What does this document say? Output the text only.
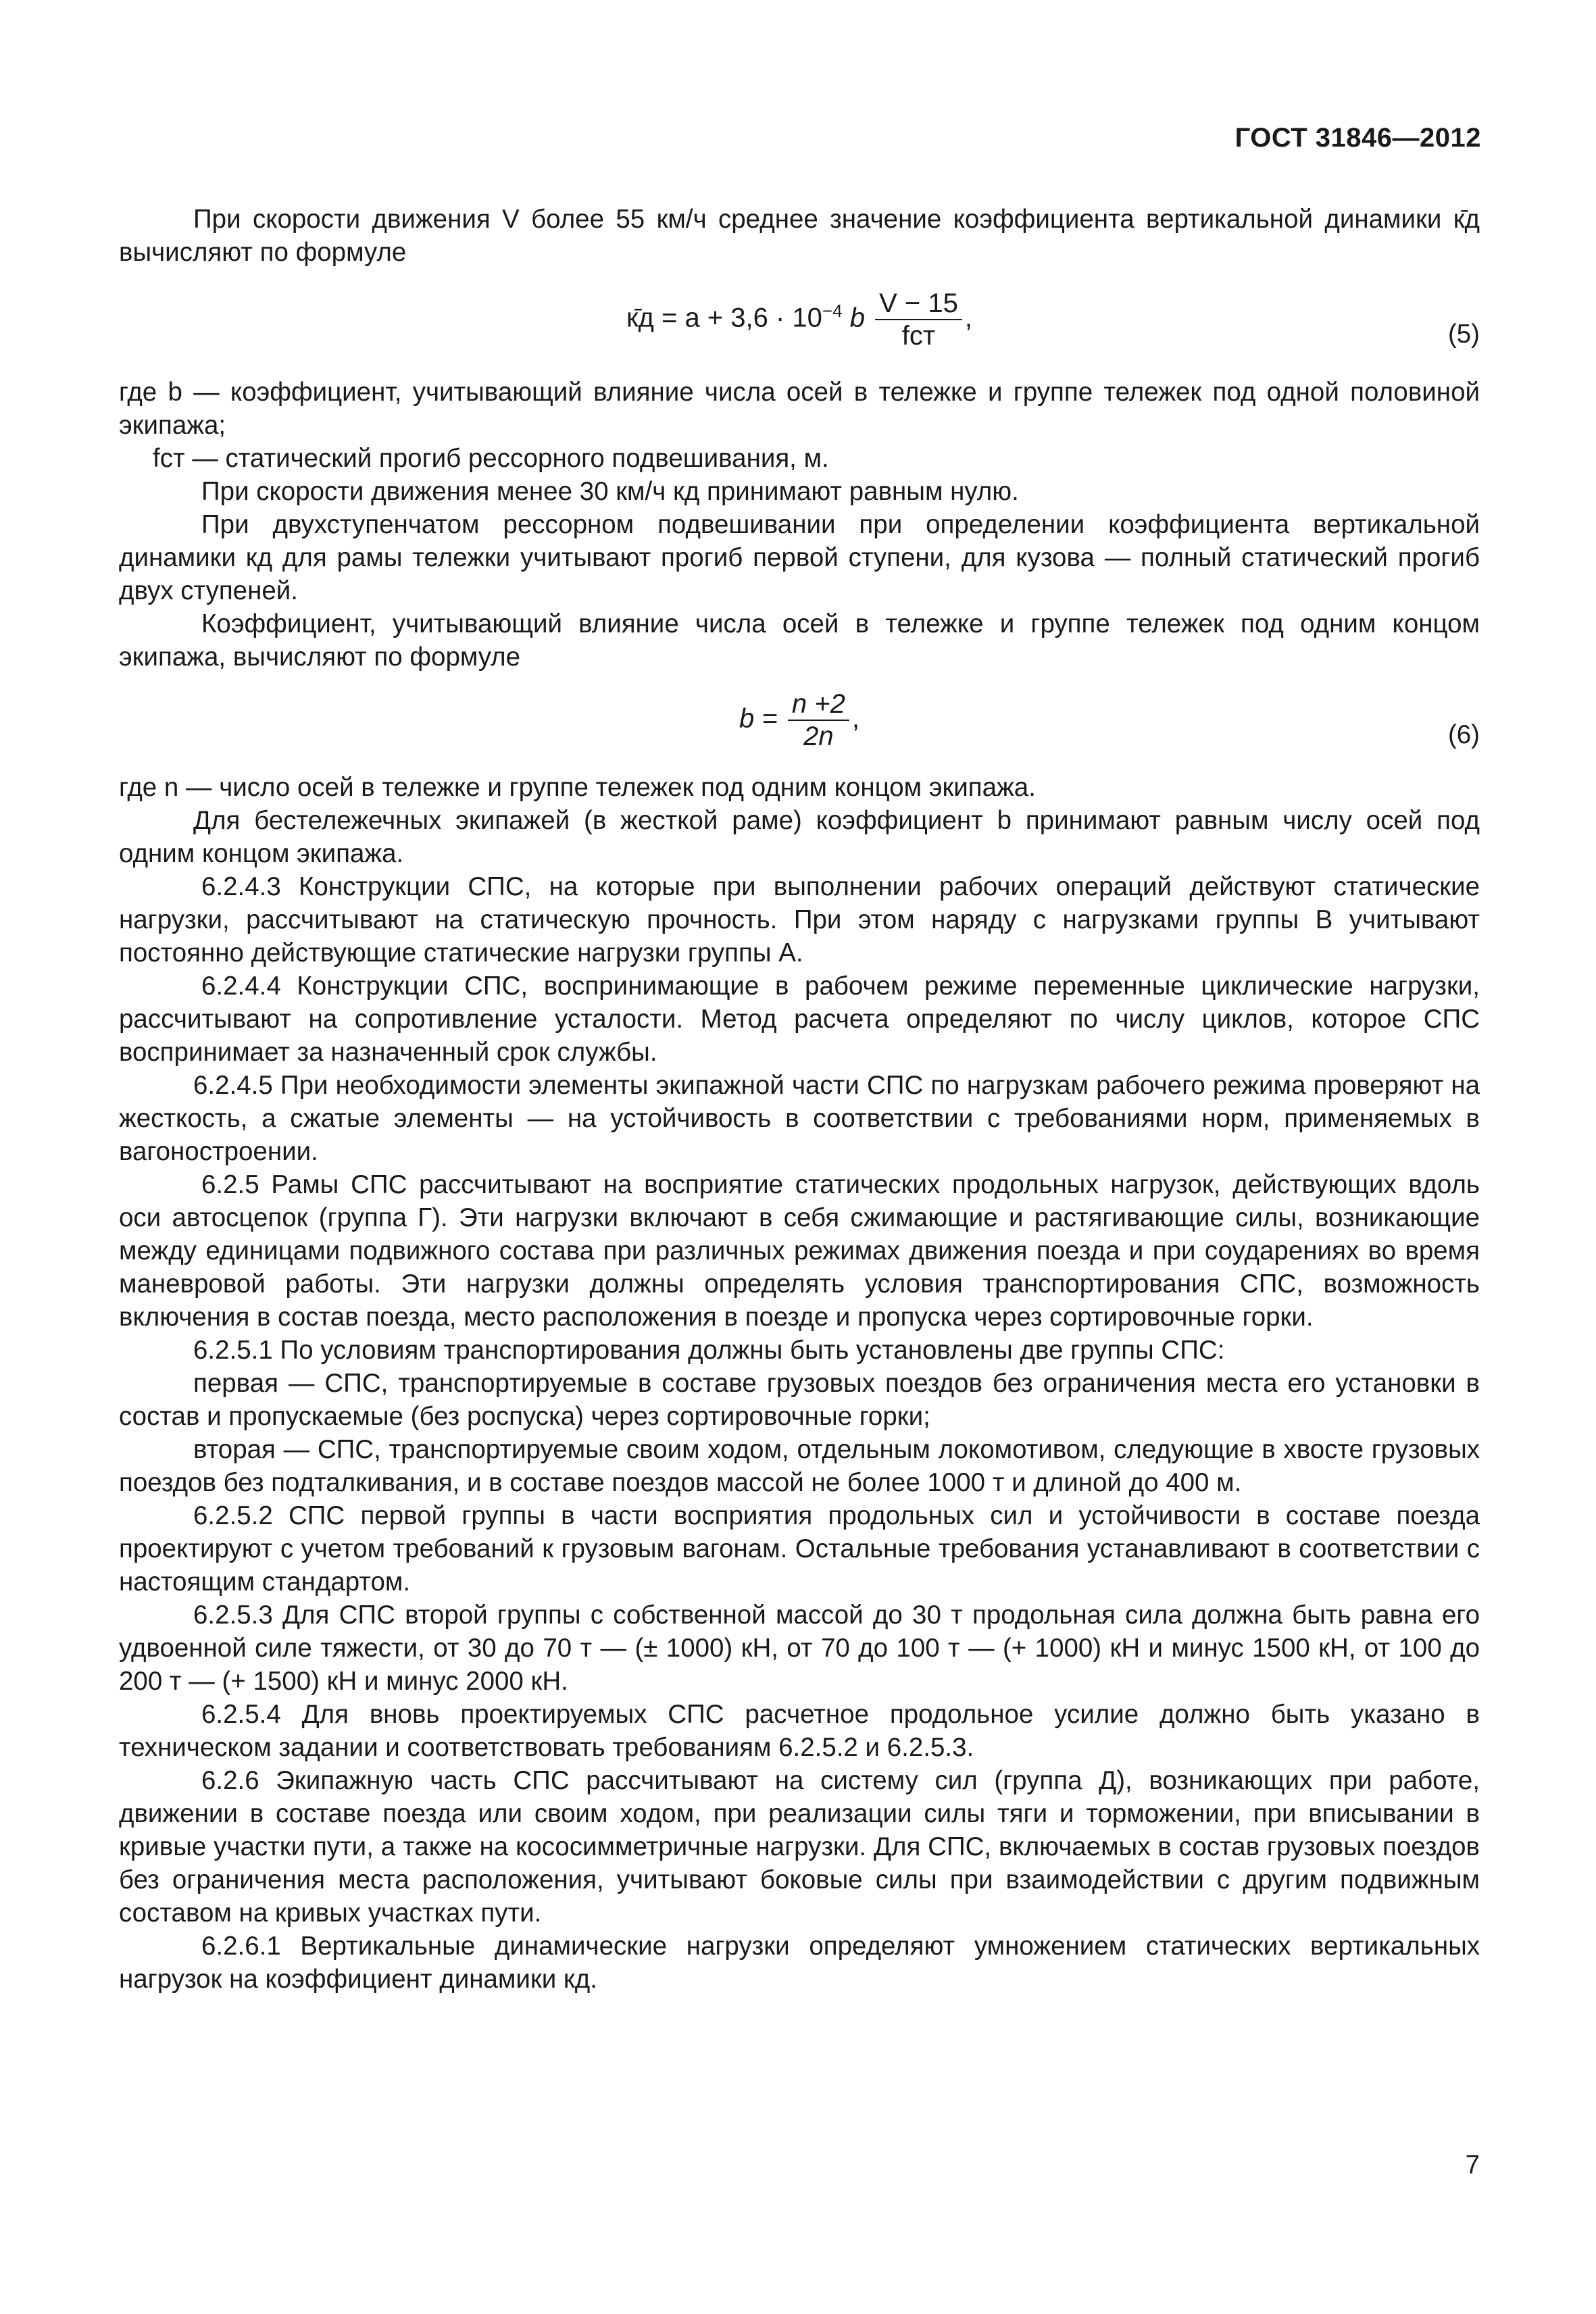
ГОСТ 31846—2012

При скорости движения V более 55 км/ч среднее значение коэффициента вертикальной динамики к̄д вычисляют по формуле

к̄д = $a + 3,6 \cdot 10^{-4}$ b $\frac{V - 15}{\text{fст}}$ ,
(5)

где b — коэффициент, учитывающий влияние числа осей в тележке и группе тележек под одной половиной экипажа;

fст — статический прогиб рессорного подвешивания, м.

При скорости движения менее 30 км/ч кд принимают равным нулю.

При двухступенчатом рессорном подвешивании при определении коэффициента вертикальной динамики кд для рамы тележки учитывают прогиб первой ступени, для кузова — полный статический прогиб двух ступеней.

Коэффициент, учитывающий влияние числа осей в тележке и группе тележек под одним концом экипажа, вычисляют по формуле

$b = \frac{n +2}{2n}$ ,
(6)

где n — число осей в тележке и группе тележек под одним концом экипажа.

Для бестележечных экипажей (в жесткой раме) коэффициент b принимают равным числу осей под одним концом экипажа.

6.2.4.3 Конструкции СПС, на которые при выполнении рабочих операций действуют статические нагрузки, рассчитывают на статическую прочность. При этом наряду с нагрузками группы В учитывают постоянно действующие статические нагрузки группы А.

6.2.4.4 Конструкции СПС, воспринимающие в рабочем режиме переменные циклические нагрузки, рассчитывают на сопротивление усталости. Метод расчета определяют по числу циклов, которое СПС воспринимает за назначенный срок службы.

6.2.4.5 При необходимости элементы экипажной части СПС по нагрузкам рабочего режима проверяют на жесткость, а сжатые элементы — на устойчивость в соответствии с требованиями норм, применяемых в вагоностроении.

6.2.5 Рамы СПС рассчитывают на восприятие статических продольных нагрузок, действующих вдоль оси автосцепок (группа Г). Эти нагрузки включают в себя сжимающие и растягивающие силы, возникающие между единицами подвижного состава при различных режимах движения поезда и при соударениях во время маневровой работы. Эти нагрузки должны определять условия транспортирования СПС, возможность включения в состав поезда, место расположения в поезде и пропуска через сортировочные горки.

6.2.5.1 По условиям транспортирования должны быть установлены две группы СПС:

первая — СПС, транспортируемые в составе грузовых поездов без ограничения места его установки в состав и пропускаемые (без роспуска) через сортировочные горки;

вторая — СПС, транспортируемые своим ходом, отдельным локомотивом, следующие в хвосте грузовых поездов без подталкивания, и в составе поездов массой не более 1000 т и длиной до 400 м.

6.2.5.2 СПС первой группы в части восприятия продольных сил и устойчивости в составе поезда проектируют с учетом требований к грузовым вагонам. Остальные требования устанавливают в соответствии с настоящим стандартом.

6.2.5.3 Для СПС второй группы с собственной массой до 30 т продольная сила должна быть равна его удвоенной силе тяжести, от 30 до 70 т — (± 1000) кН, от 70 до 100 т — (+ 1000) кН и минус 1500 кН, от 100 до 200 т — (+ 1500) кН и минус 2000 кН.

6.2.5.4 Для вновь проектируемых СПС расчетное продольное усилие должно быть указано в техническом задании и соответствовать требованиям 6.2.5.2 и 6.2.5.3.

6.2.6 Экипажную часть СПС рассчитывают на систему сил (группа Д), возникающих при работе, движении в составе поезда или своим ходом, при реализации силы тяги и торможении, при вписывании в кривые участки пути, а также на кососимметричные нагрузки. Для СПС, включаемых в состав грузовых поездов без ограничения места расположения, учитывают боковые силы при взаимодействии с другим подвижным составом на кривых участках пути.

6.2.6.1 Вертикальные динамические нагрузки определяют умножением статических вертикальных нагрузок на коэффициент динамики кд.

7
